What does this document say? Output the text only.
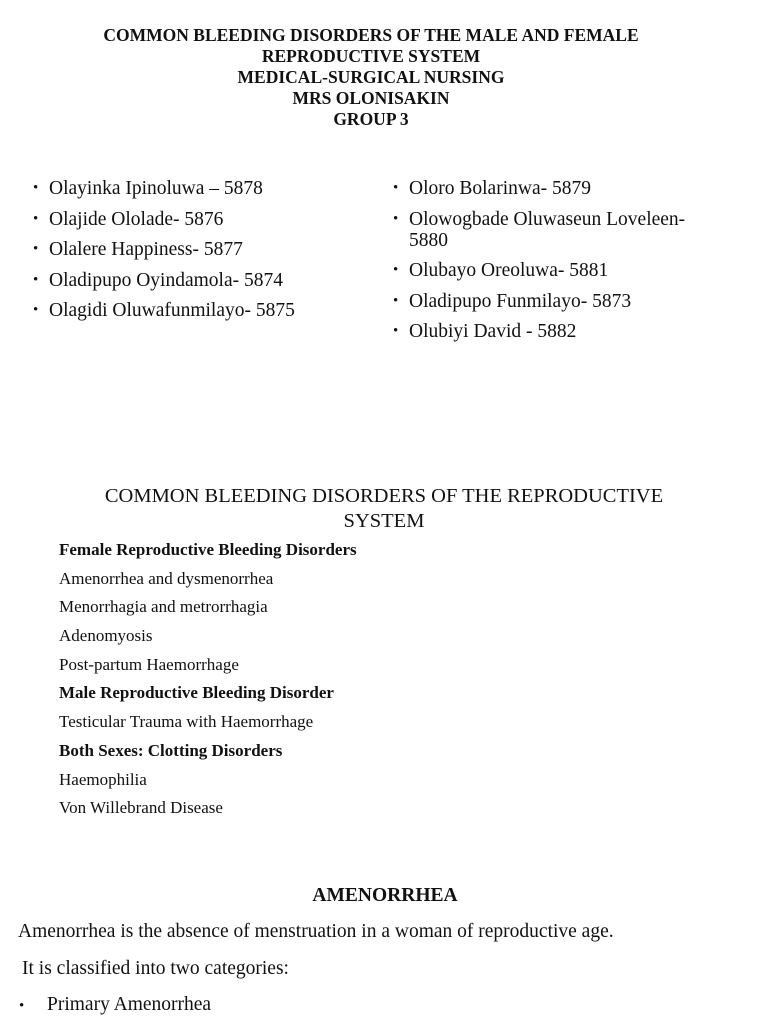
COMMON BLEEDING DISORDERS OF THE MALE AND FEMALE
REPRODUCTIVE SYSTEM
MEDICAL-SURGICAL NURSING
MRS OLONISAKIN
GROUP 3
• Olayinka Ipinoluwa – 5878
• Olajide Ololade- 5876
• Olalere Happiness- 5877
• Oladipupo Oyindamola- 5874
• Olagidi Oluwafunmilayo- 5875
• Oloro Bolarinwa- 5879
• Olowogbade Oluwaseun Loveleen-5880
• Olubayo Oreoluwa- 5881
• Oladipupo Funmilayo- 5873
• Olubiyi David - 5882
COMMON BLEEDING DISORDERS OF THE REPRODUCTIVE
SYSTEM
Female Reproductive Bleeding Disorders
Amenorrhea and dysmenorrhea
Menorrhagia and metrorrhagia
Adenomyosis
Post-partum Haemorrhage
Male Reproductive Bleeding Disorder
Testicular Trauma with Haemorrhage
Both Sexes: Clotting Disorders
Haemophilia
Von Willebrand Disease
AMENORRHEA
Amenorrhea is the absence of menstruation in a woman of reproductive age.
It is classified into two categories:
• Primary Amenorrhea
